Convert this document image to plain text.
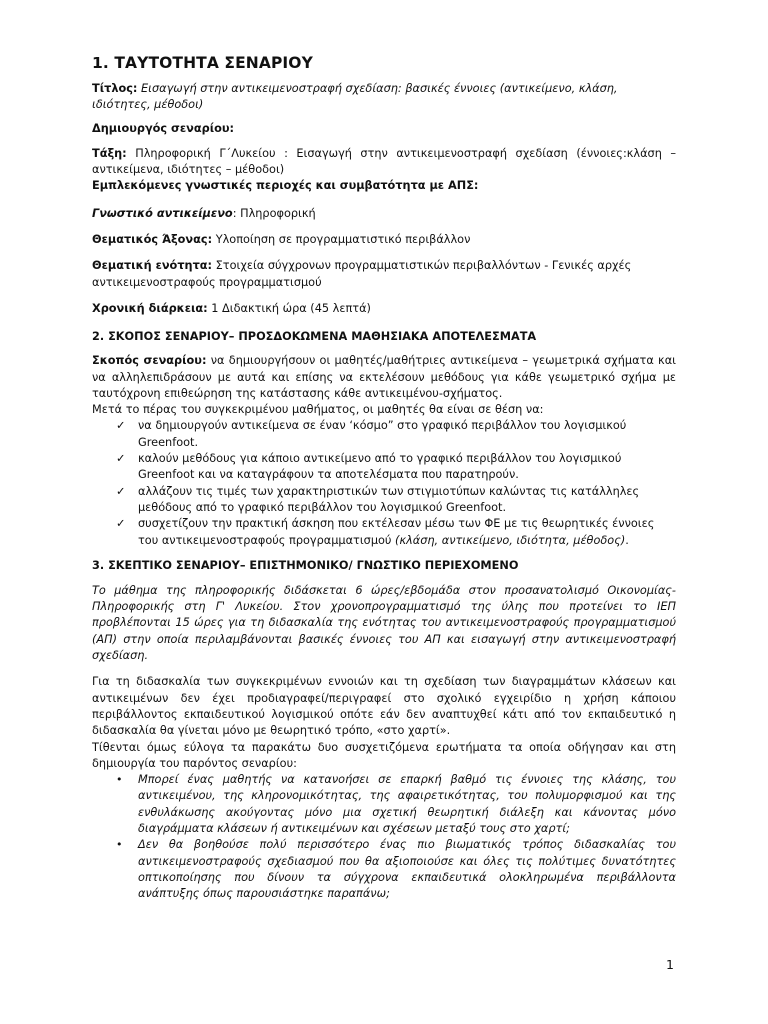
1. ΤΑΥΤΟΤΗΤΑ ΣΕΝΑΡΙΟΥ

Τίτλος: Εισαγωγή στην αντικειμενοστραφή σχεδίαση: βασικές έννοιες (αντικείμενο, κλάση, ιδιότητες, μέθοδοι)

Δημιουργός σεναρίου:

Τάξη: Πληροφορική Γ΄Λυκείου : Εισαγωγή στην αντικειμενοστραφή σχεδίαση (έννοιες:κλάση – αντικείμενα, ιδιότητες – μέθοδοι)

Εμπλεκόμενες γνωστικές περιοχές και συμβατότητα με ΑΠΣ:

Γνωστικό αντικείμενο: Πληροφορική

Θεματικός Άξονας: Υλοποίηση σε προγραμματιστικό περιβάλλον

Θεματική ενότητα: Στοιχεία σύγχρονων προγραμματιστικών περιβαλλόντων - Γενικές αρχές αντικειμενοστραφούς προγραμματισμού

Χρονική διάρκεια: 1 Διδακτική ώρα (45 λεπτά)

2. ΣΚΟΠΟΣ ΣΕΝΑΡΙΟΥ– ΠΡΟΣΔΟΚΩΜΕΝΑ ΜΑΘΗΣΙΑΚΑ ΑΠΟΤΕΛΕΣΜΑΤΑ

Σκοπός σεναρίου: να δημιουργήσουν οι μαθητές/μαθήτριες αντικείμενα – γεωμετρικά σχήματα και να αλληλεπιδράσουν με αυτά και επίσης να εκτελέσουν μεθόδους για κάθε γεωμετρικό σχήμα με ταυτόχρονη επιθεώρηση της κατάστασης κάθε αντικειμένου-σχήματος.

Μετά το πέρας του συγκεκριμένου μαθήματος, οι μαθητές θα είναι σε θέση να:

✓	να δημιουργούν αντικείμενα σε έναν ‘κόσμο” στο γραφικό περιβάλλον του λογισμικού Greenfoot.
✓	καλούν μεθόδους για κάποιο αντικείμενο από το γραφικό περιβάλλον του λογισμικού Greenfoot και να καταγράφουν τα αποτελέσματα που παρατηρούν.
✓	αλλάζουν τις τιμές των χαρακτηριστικών των στιγμιοτύπων καλώντας τις κατάλληλες μεθόδους από το γραφικό περιβάλλον του λογισμικού Greenfoot.
✓	συσχετίζουν την πρακτική άσκηση που εκτέλεσαν μέσω των ΦΕ με τις θεωρητικές έννοιες του αντικειμενοστραφούς προγραμματισμού (κλάση, αντικείμενο, ιδιότητα, μέθοδος).
3. ΣΚΕΠΤΙΚΟ ΣΕΝΑΡΙΟΥ– ΕΠΙΣΤΗΜΟΝΙΚΟ/ ΓΝΩΣΤΙΚΟ ΠΕΡΙΕΧΟΜΕΝΟ

Το μάθημα της πληροφορικής διδάσκεται 6 ώρες/εβδομάδα στον προσανατολισμό Οικονομίας-Πληροφορικής στη Γ' Λυκείου. Στον χρονοπρογραμματισμό της ύλης που προτείνει το ΙΕΠ προβλέπονται 15 ώρες για τη διδασκαλία της ενότητας του αντικειμενοστραφούς προγραμματισμού (ΑΠ) στην οποία περιλαμβάνονται βασικές έννοιες του ΑΠ και εισαγωγή στην αντικειμενοστραφή σχεδίαση.

Για τη διδασκαλία των συγκεκριμένων εννοιών και τη σχεδίαση των διαγραμμάτων κλάσεων και αντικειμένων δεν έχει προδιαγραφεί/περιγραφεί στο σχολικό εγχειρίδιο η χρήση κάποιου περιβάλλοντος εκπαιδευτικού λογισμικού οπότε εάν δεν αναπτυχθεί κάτι από τον εκπαιδευτικό η διδασκαλία θα γίνεται μόνο με θεωρητικό τρόπο, «στο χαρτί».

Τίθενται όμως εύλογα τα παρακάτω δυο συσχετιζόμενα ερωτήματα τα οποία οδήγησαν και στη δημιουργία του παρόντος σεναρίου:

•	Μπορεί ένας μαθητής να κατανοήσει σε επαρκή βαθμό τις έννοιες της κλάσης, του αντικειμένου, της κληρονομικότητας, της αφαιρετικότητας, του πολυμορφισμού και της ενθυλάκωσης ακούγοντας μόνο μια σχετική θεωρητική διάλεξη και κάνοντας μόνο διαγράμματα κλάσεων ή αντικειμένων και σχέσεων μεταξύ τους στο χαρτί;
•	Δεν θα βοηθούσε πολύ περισσότερο ένας πιο βιωματικός τρόπος διδασκαλίας του αντικειμενοστραφούς σχεδιασμού που θα αξιοποιούσε και όλες τις πολύτιμες δυνατότητες οπτικοποίησης που δίνουν τα σύγχρονα εκπαιδευτικά ολοκληρωμένα περιβάλλοντα ανάπτυξης όπως παρουσιάστηκε παραπάνω;
1
